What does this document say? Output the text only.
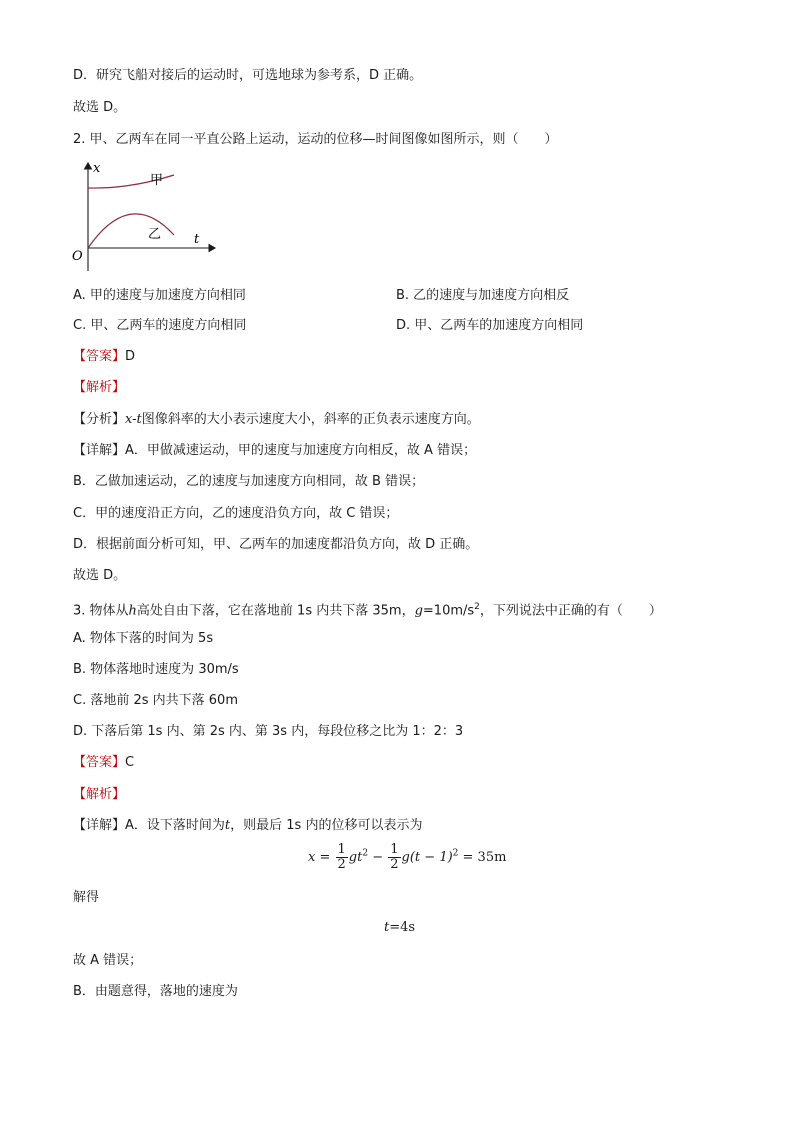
D．研究飞船对接后的运动时，可选地球为参考系，D 正确。
故选 D。
2. 甲、乙两车在同一平直公路上运动，运动的位移—时间图像如图所示，则（　　）
x
t
O
甲
乙
A. 甲的速度与加速度方向相同	B. 乙的速度与加速度方向相反
C. 甲、乙两车的速度方向相同	D. 甲、乙两车的加速度方向相同
【答案】D
【解析】
【分析】x-t图像斜率的大小表示速度大小，斜率的正负表示速度方向。
【详解】A．甲做减速运动，甲的速度与加速度方向相反，故 A 错误；
B．乙做加速运动，乙的速度与加速度方向相同，故 B 错误；
C．甲的速度沿正方向，乙的速度沿负方向，故 C 错误；
D．根据前面分析可知，甲、乙两车的加速度都沿负方向，故 D 正确。
故选 D。
3. 物体从h高处自由下落，它在落地前 1s 内共下落 35m，$g=10m/s^2$，下列说法中正确的有（　　）
A. 物体下落的时间为 5s
B. 物体落地时速度为 30m/s
C. 落地前 2s 内共下落 60m
D. 下落后第 1s 内、第 2s 内、第 3s 内，每段位移之比为 1：2：3
【答案】C
【解析】
【详解】A．设下落时间为t，则最后 1s 内的位移可以表示为
$x = \frac{1}{2} gt^2 - \frac{1}{2} g(t - 1)^2 = 35m$
解得
t=4s
故 A 错误；
B．由题意得，落地的速度为
